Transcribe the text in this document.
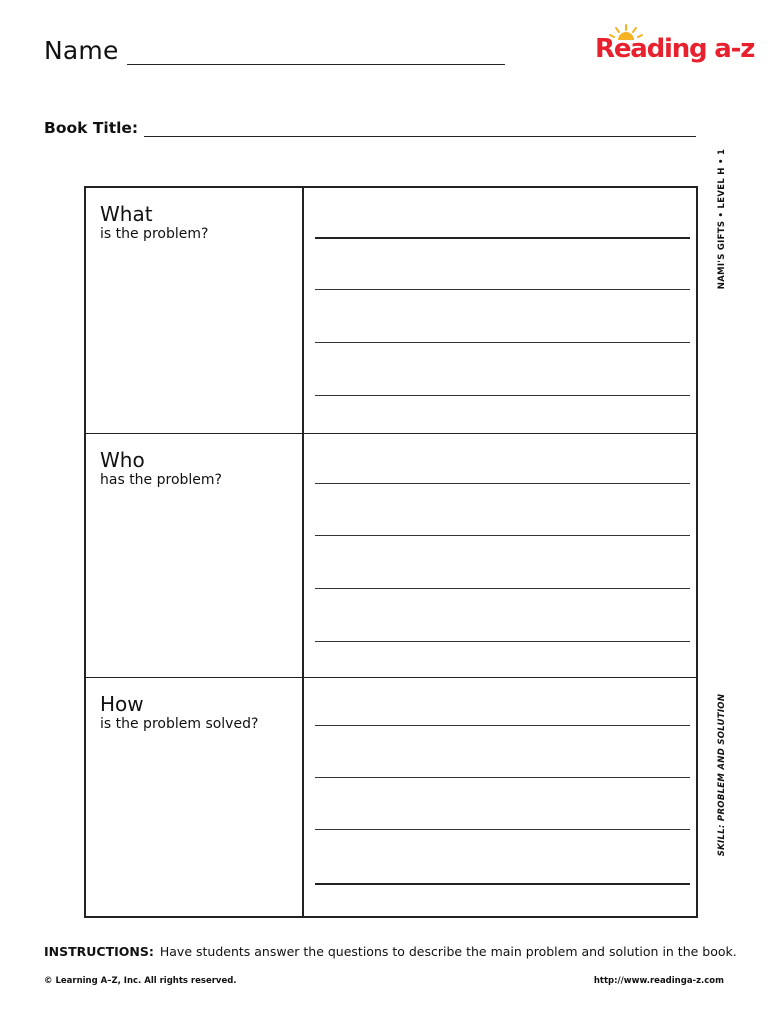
Name	Reading a-z
Book Title:
NAMI'S GIFTS • LEVEL H • 1
SKILL: PROBLEM AND SOLUTION
What
is the problem?
Who
has the problem?
How
is the problem solved?
INSTRUCTIONS: Have students answer the questions to describe the main problem and solution in the book.
© Learning A–Z, Inc. All rights reserved.	http://www.readinga-z.com
